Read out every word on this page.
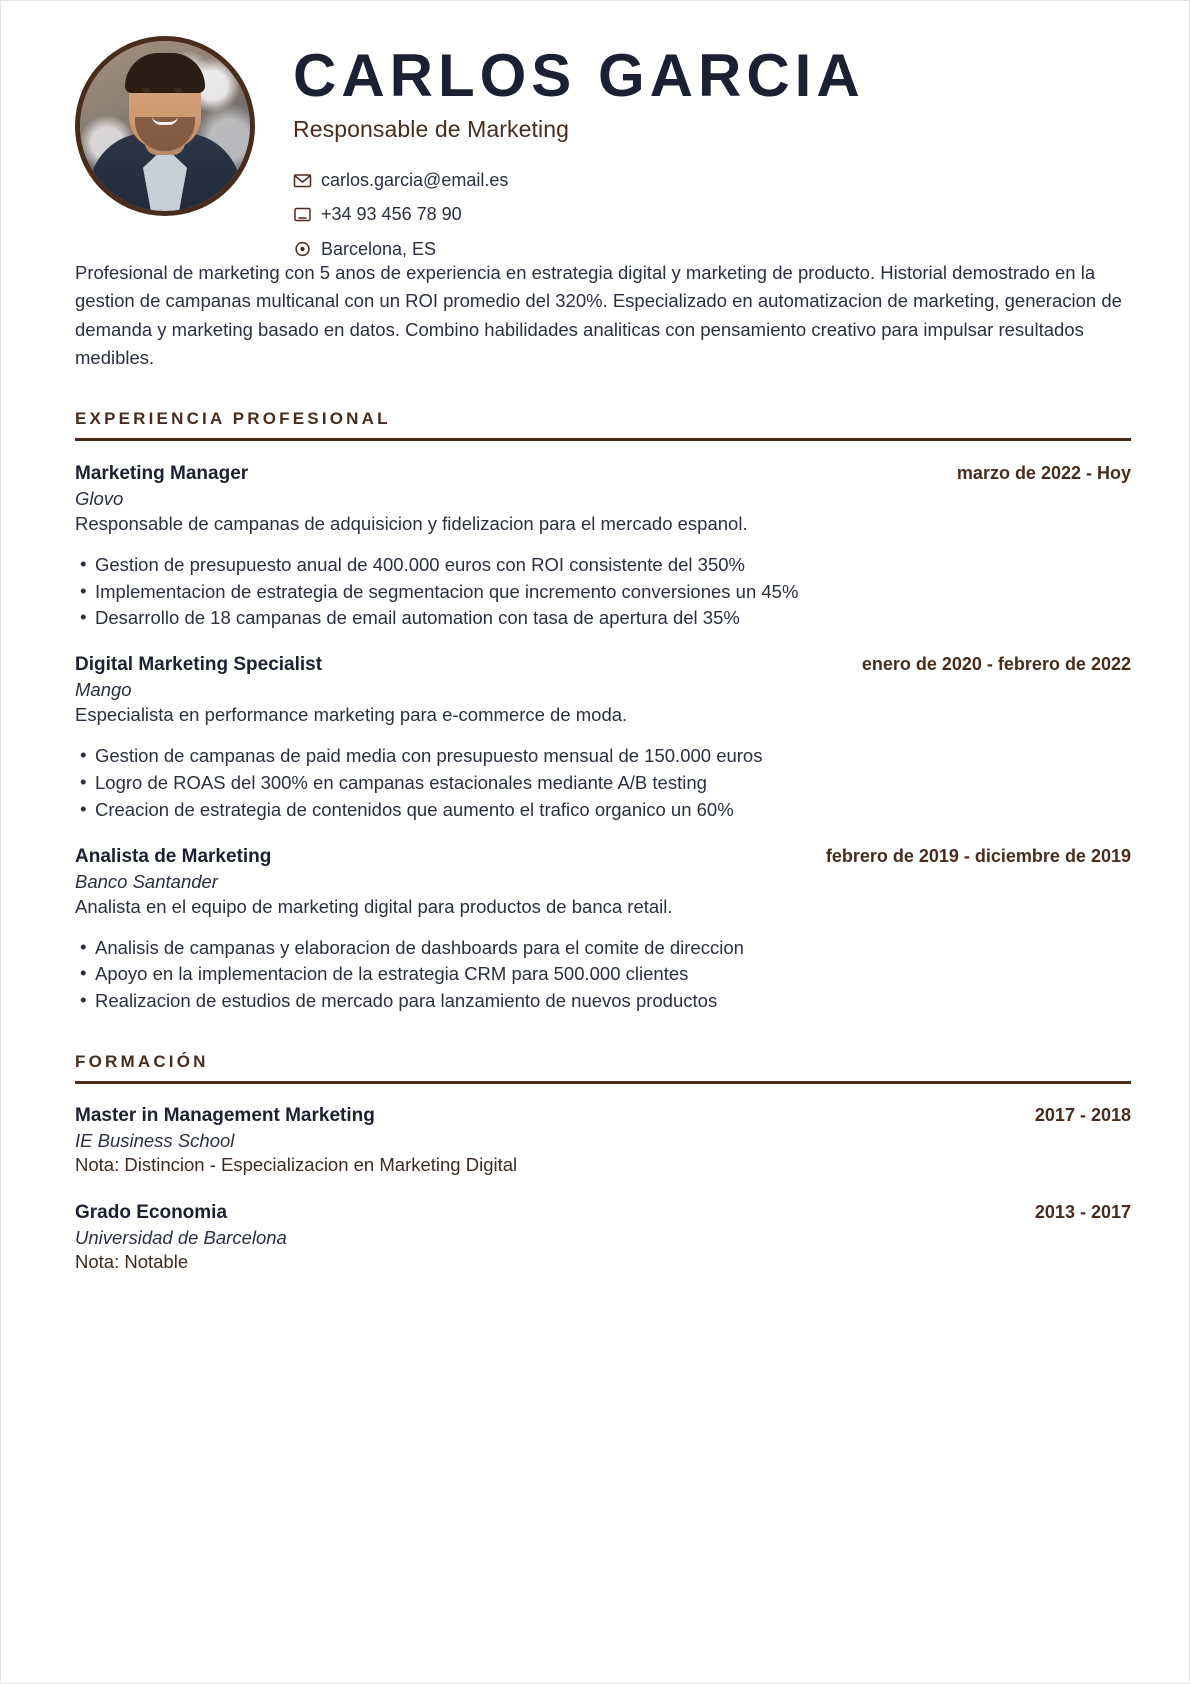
CARLOS GARCIA
Responsable de Marketing
carlos.garcia@email.es
+34 93 456 78 90
Barcelona, ES

Profesional de marketing con 5 anos de experiencia en estrategia digital y marketing de producto. Historial demostrado en la gestion de campanas multicanal con un ROI promedio del 320%. Especializado en automatizacion de marketing, generacion de demanda y marketing basado en datos. Combino habilidades analiticas con pensamiento creativo para impulsar resultados medibles.

EXPERIENCIA PROFESIONAL
Marketing Manager	marzo de 2022 - Hoy
Glovo
Responsable de campanas de adquisicion y fidelizacion para el mercado espanol.
• Gestion de presupuesto anual de 400.000 euros con ROI consistente del 350%
• Implementacion de estrategia de segmentacion que incremento conversiones un 45%
• Desarrollo de 18 campanas de email automation con tasa de apertura del 35%
Digital Marketing Specialist	enero de 2020 - febrero de 2022
Mango
Especialista en performance marketing para e-commerce de moda.
• Gestion de campanas de paid media con presupuesto mensual de 150.000 euros
• Logro de ROAS del 300% en campanas estacionales mediante A/B testing
• Creacion de estrategia de contenidos que aumento el trafico organico un 60%
Analista de Marketing	febrero de 2019 - diciembre de 2019
Banco Santander
Analista en el equipo de marketing digital para productos de banca retail.
• Analisis de campanas y elaboracion de dashboards para el comite de direccion
• Apoyo en la implementacion de la estrategia CRM para 500.000 clientes
• Realizacion de estudios de mercado para lanzamiento de nuevos productos
FORMACIÓN
Master in Management Marketing	2017 - 2018
IE Business School
Nota: Distincion - Especializacion en Marketing Digital
Grado Economia	2013 - 2017
Universidad de Barcelona
Nota: Notable
